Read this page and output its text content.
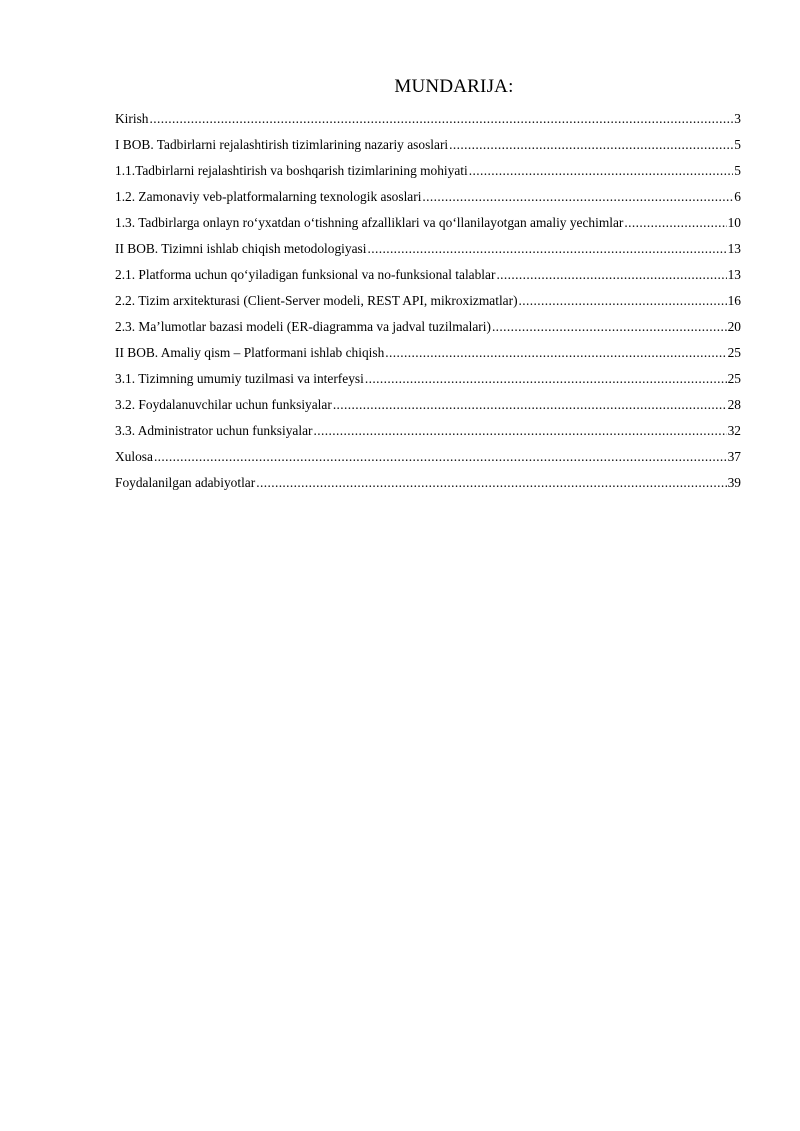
MUNDARIJA:
Kirish .....	3
I BOB. Tadbirlarni rejalashtirish tizimlarining nazariy asoslari .....	5
1.1.Tadbirlarni rejalashtirish va boshqarish tizimlarining mohiyati .....	5
1.2. Zamonaviy veb-platformalarning texnologik asoslari .....	6
1.3. Tadbirlarga onlayn ro‘yxatdan o‘tishning afzalliklari va qo‘llanilayotgan amaliy yechimlar .....	10
II BOB. Tizimni ishlab chiqish metodologiyasi .....	13
2.1. Platforma uchun qo‘yiladigan funksional va no-funksional talablar .....	13
2.2. Tizim arxitekturasi (Client-Server modeli, REST API, mikroxizmatlar) .....	16
2.3. Ma’lumotlar bazasi modeli (ER-diagramma va jadval tuzilmalari) .....	20
II BOB. Amaliy qism – Platformani ishlab chiqish .....	25
3.1. Tizimning umumiy tuzilmasi va interfeysi .....	25
3.2. Foydalanuvchilar uchun funksiyalar .....	28
3.3. Administrator uchun funksiyalar .....	32
Xulosa .....	37
Foydalanilgan adabiyotlar .....	39
